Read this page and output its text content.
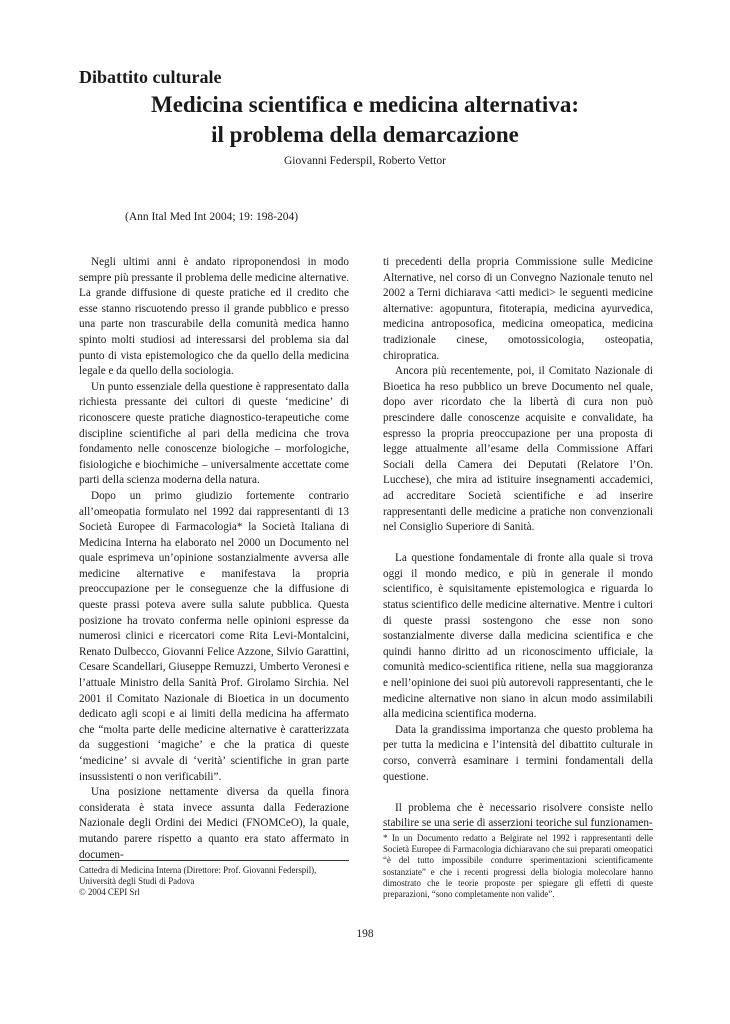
Dibattito culturale
Medicina scientifica e medicina alternativa:
il problema della demarcazione
Giovanni Federspil, Roberto Vettor
(Ann Ital Med Int 2004; 19: 198-204)

Negli ultimi anni è andato riproponendosi in modo sempre più pressante il problema delle medicine alternative. La grande diffusione di queste pratiche ed il credito che esse stanno riscuotendo presso il grande pubblico e presso una parte non trascurabile della comunità medica hanno spinto molti studiosi ad interessarsi del problema sia dal punto di vista epistemologico che da quello della medicina legale e da quello della sociologia.

Un punto essenziale della questione è rappresentato dalla richiesta pressante dei cultori di queste ‘medicine’ di riconoscere queste pratiche diagnostico-terapeutiche come discipline scientifiche al pari della medicina che trova fondamento nelle conoscenze biologiche – morfologiche, fisiologiche e biochimiche – universalmente accettate come parti della scienza moderna della natura.

Dopo un primo giudizio fortemente contrario all’omeopatia formulato nel 1992 dai rappresentanti di 13 Società Europee di Farmacologia* la Società Italiana di Medicina Interna ha elaborato nel 2000 un Documento nel quale esprimeva un’opinione sostanzialmente avversa alle medicine alternative e manifestava la propria preoccupazione per le conseguenze che la diffusione di queste prassi poteva avere sulla salute pubblica. Questa posizione ha trovato conferma nelle opinioni espresse da numerosi clinici e ricercatori come Rita Levi-Montalcini, Renato Dulbecco, Giovanni Felice Azzone, Silvio Garattini, Cesare Scandellari, Giuseppe Remuzzi, Umberto Veronesi e l’attuale Ministro della Sanità Prof. Girolamo Sirchia. Nel 2001 il Comitato Nazionale di Bioetica in un documento dedicato agli scopi e ai limiti della medicina ha affermato che “molta parte delle medicine alternative è caratterizzata da suggestioni ‘magiche’ e che la pratica di queste ‘medicine’ si avvale di ‘verità’ scientifiche in gran parte insussistenti o non verificabili”.

Una posizione nettamente diversa da quella finora considerata è stata invece assunta dalla Federazione Nazionale degli Ordini dei Medici (FNOMCeO), la quale, mutando parere rispetto a quanto era stato affermato in documen-

ti precedenti della propria Commissione sulle Medicine Alternative, nel corso di un Convegno Nazionale tenuto nel 2002 a Terni dichiarava <atti medici> le seguenti medicine alternative: agopuntura, fitoterapia, medicina ayurvedica, medicina antroposofica, medicina omeopatica, medicina tradizionale cinese, omotossicologia, osteopatia, chiropratica.

Ancora più recentemente, poi, il Comitato Nazionale di Bioetica ha reso pubblico un breve Documento nel quale, dopo aver ricordato che la libertà di cura non può prescindere dalle conoscenze acquisite e convalidate, ha espresso la propria preoccupazione per una proposta di legge attualmente all’esame della Commissione Affari Sociali della Camera dei Deputati (Relatore l’On. Lucchese), che mira ad istituire insegnamenti accademici, ad accreditare Società scientifiche e ad inserire rappresentanti delle medicine a pratiche non convenzionali nel Consiglio Superiore di Sanità.

La questione fondamentale di fronte alla quale si trova oggi il mondo medico, e più in generale il mondo scientifico, è squisitamente epistemologica e riguarda lo status scientifico delle medicine alternative. Mentre i cultori di queste prassi sostengono che esse non sono sostanzialmente diverse dalla medicina scientifica e che quindi hanno diritto ad un riconoscimento ufficiale, la comunità medico-scientifica ritiene, nella sua maggioranza e nell’opinione dei suoi più autorevoli rappresentanti, che le medicine alternative non siano in alcun modo assimilabili alla medicina scientifica moderna.

Data la grandissima importanza che questo problema ha per tutta la medicina e l’intensità del dibattito culturale in corso, converrà esaminare i termini fondamentali della questione.

Il problema che è necessario risolvere consiste nello stabilire se una serie di asserzioni teoriche sul funzionamen-

* In un Documento redatto a Belgirate nel 1992 i rappresentanti delle Società Europee di Farmacologia dichiaravano che sui preparati omeopatici “è del tutto impossibile condurre sperimentazioni scientificamente sostanziate” e che i recenti progressi della biologia molecolare hanno dimostrato che le teorie proposte per spiegare gli effetti di queste preparazioni, “sono completamente non valide”.
Cattedra di Medicina Interna (Direttore: Prof. Giovanni Federspil),
Università degli Studi di Padova
© 2004 CEPI Srl
198
